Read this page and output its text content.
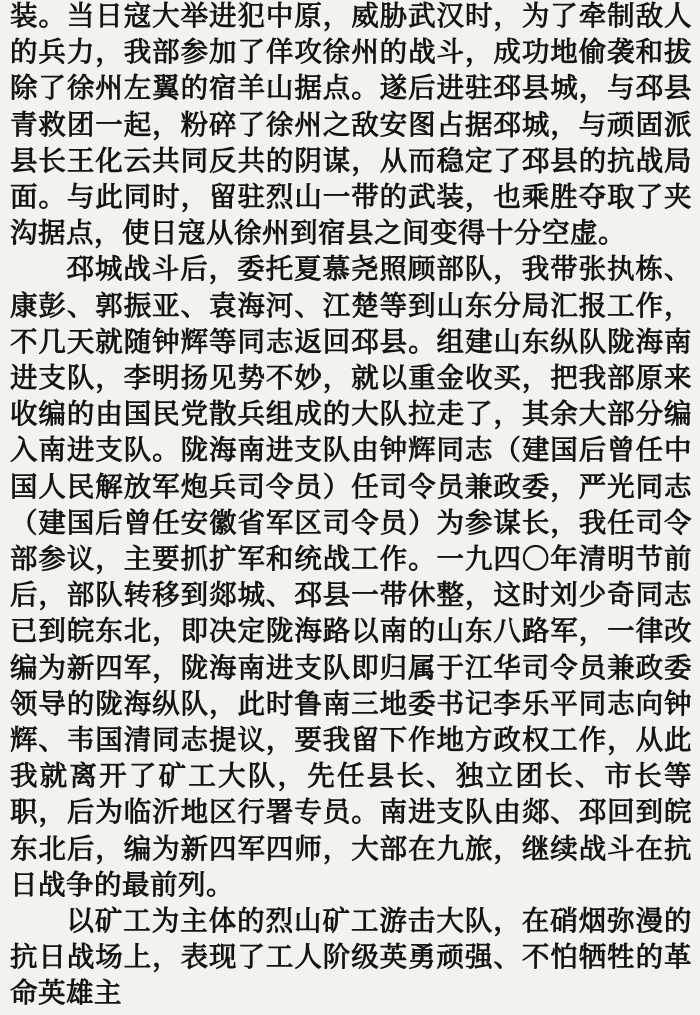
装。当日寇大举进犯中原，威胁武汉时，为了牵制敌人的兵力，我部参加了佯攻徐州的战斗，成功地偷袭和拔除了徐州左翼的宿羊山据点。遂后进驻邳县城，与邳县青救团一起，粉碎了徐州之敌安图占据邳城，与顽固派县长王化云共同反共的阴谋，从而稳定了邳县的抗战局面。与此同时，留驻烈山一带的武装，也乘胜夺取了夹沟据点，使日寇从徐州到宿县之间变得十分空虚。

邳城战斗后，委托夏慕尧照顾部队，我带张执栋、康彭、郭振亚、袁海河、江楚等到山东分局汇报工作，不几天就随钟辉等同志返回邳县。组建山东纵队陇海南进支队，李明扬见势不妙，就以重金收买，把我部原来收编的由国民党散兵组成的大队拉走了，其余大部分编入南进支队。陇海南进支队由钟辉同志（建国后曾任中国人民解放军炮兵司令员）任司令员兼政委，严光同志（建国后曾任安徽省军区司令员）为参谋长，我任司令部参议，主要抓扩军和统战工作。一九四〇年清明节前后，部队转移到郯城、邳县一带休整，这时刘少奇同志已到皖东北，即决定陇海路以南的山东八路军，一律改编为新四军，陇海南进支队即归属于江华司令员兼政委领导的陇海纵队，此时鲁南三地委书记李乐平同志向钟辉、韦国清同志提议，要我留下作地方政权工作，从此我就离开了矿工大队，先任县长、独立团长、市长等职，后为临沂地区行署专员。南进支队由郯、邳回到皖东北后，编为新四军四师，大部在九旅，继续战斗在抗日战争的最前列。

以矿工为主体的烈山矿工游击大队，在硝烟弥漫的抗日战场上，表现了工人阶级英勇顽强、不怕牺牲的革命英雄主
